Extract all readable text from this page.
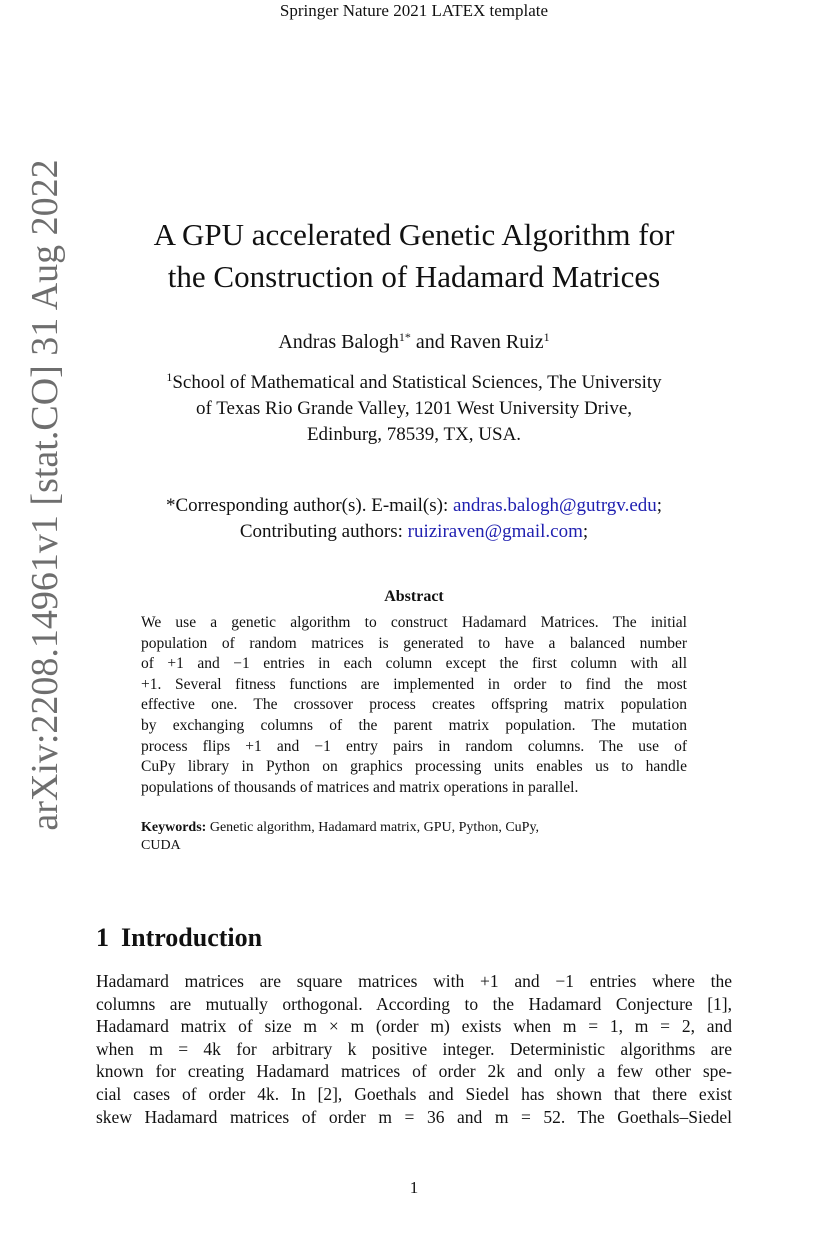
Springer Nature 2021 LATEX template
arXiv:2208.14961v1 [stat.CO] 31 Aug 2022	A GPU accelerated Genetic Algorithm for
the Construction of Hadamard Matrices
Andras Balogh$^{1*}$ and Raven Ruiz$^1$
$^1$School of Mathematical and Statistical Sciences, The University
of Texas Rio Grande Valley, 1201 West University Drive,
Edinburg, 78539, TX, USA.
*Corresponding author(s). E-mail(s): andras.balogh@gutrgv.edu;
Contributing authors: ruiziraven@gmail.com;
Abstract
We use a genetic algorithm to construct Hadamard Matrices. The initial
population of random matrices is generated to have a balanced number
of +1 and −1 entries in each column except the first column with all
+1. Several fitness functions are implemented in order to find the most
effective one. The crossover process creates offspring matrix population
by exchanging columns of the parent matrix population. The mutation
process flips +1 and −1 entry pairs in random columns. The use of
CuPy library in Python on graphics processing units enables us to handle
populations of thousands of matrices and matrix operations in parallel.
Keywords: Genetic algorithm, Hadamard matrix, GPU, Python, CuPy,
CUDA
1 Introduction
Hadamard matrices are square matrices with +1 and −1 entries where the
columns are mutually orthogonal. According to the Hadamard Conjecture [1],
Hadamard matrix of size m × m (order m) exists when m = 1, m = 2, and
when m = 4k for arbitrary k positive integer. Deterministic algorithms are
known for creating Hadamard matrices of order 2k and only a few other spe-
cial cases of order 4k. In [2], Goethals and Siedel has shown that there exist
skew Hadamard matrices of order m = 36 and m = 52. The Goethals–Siedel
1
